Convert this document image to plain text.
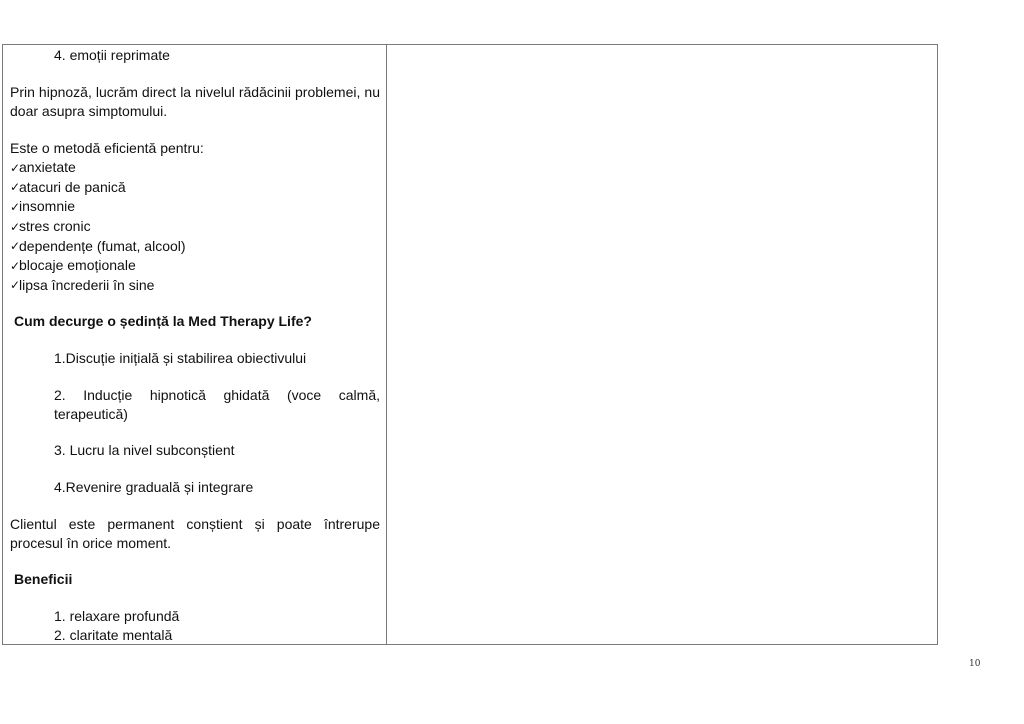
4. emoții reprimate

Prin hipnoză, lucrăm direct la nivelul rădăcinii problemei, nu doar asupra simptomului.

Este o metodă eficientă pentru:

✓
anxietate
✓
atacuri de panică
✓
insomnie
✓
stres cronic
✓
dependențe (fumat, alcool)
✓
blocaje emoționale
✓
lipsa încrederii în sine

Cum decurge o ședință la Med Therapy Life?

1.Discuție inițială și stabilirea obiectivului

2. Inducție hipnotică ghidată (voce calmă, terapeutică)

3. Lucru la nivel subconștient

4.Revenire graduală și integrare

Clientul este permanent conștient și poate întrerupe procesul în orice moment.

Beneficii

1. relaxare profundă

2. claritate mentală

10
